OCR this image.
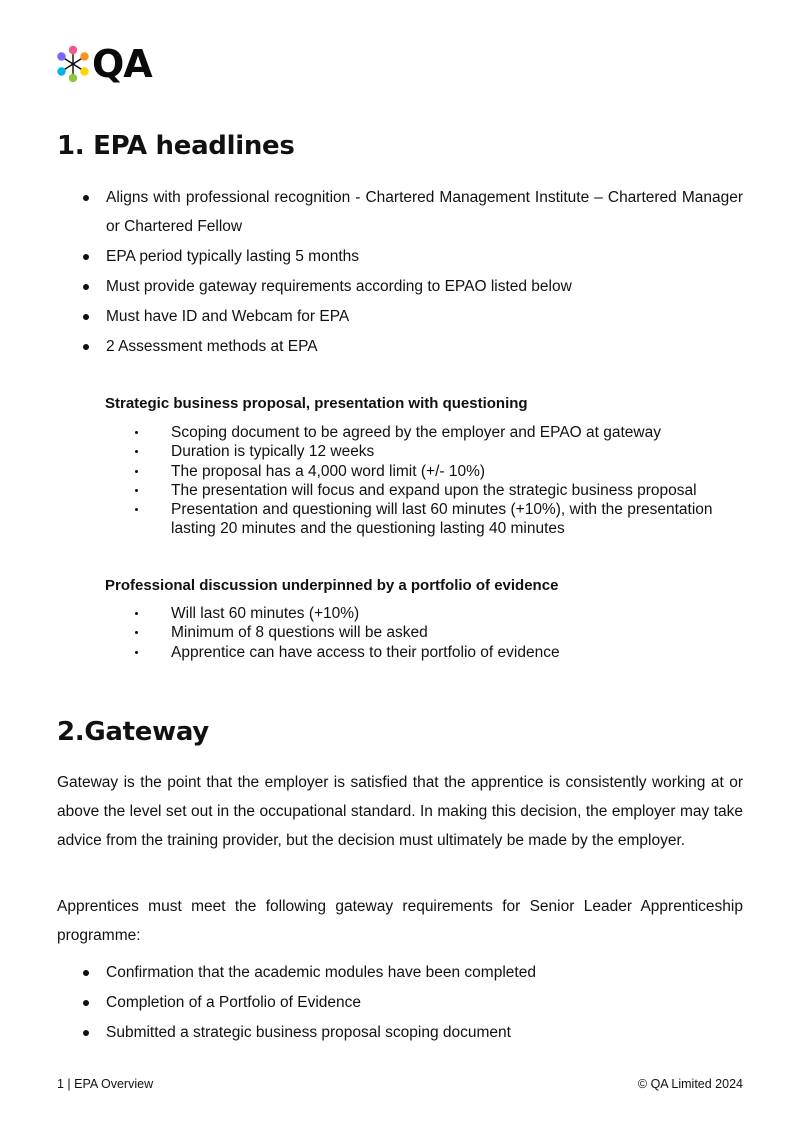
QA
1. EPA headlines
Aligns with professional recognition - Chartered Management Institute – Chartered Manager or Chartered Fellow
EPA period typically lasting 5 months
Must provide gateway requirements according to EPAO listed below
Must have ID and Webcam for EPA
2 Assessment methods at EPA
Strategic business proposal, presentation with questioning
Scoping document to be agreed by the employer and EPAO at gateway
Duration is typically 12 weeks
The proposal has a 4,000 word limit (+/- 10%)
The presentation will focus and expand upon the strategic business proposal
Presentation and questioning will last 60 minutes (+10%), with the presentation lasting 20 minutes and the questioning lasting 40 minutes
Professional discussion underpinned by a portfolio of evidence
Will last 60 minutes (+10%)
Minimum of 8 questions will be asked
Apprentice can have access to their portfolio of evidence
2.Gateway

Gateway is the point that the employer is satisfied that the apprentice is consistently working at or above the level set out in the occupational standard. In making this decision, the employer may take advice from the training provider, but the decision must ultimately be made by the employer.

Apprentices must meet the following gateway requirements for Senior Leader Apprenticeship programme:

Confirmation that the academic modules have been completed
Completion of a Portfolio of Evidence
Submitted a strategic business proposal scoping document
1 | EPA Overview	© QA Limited 2024
